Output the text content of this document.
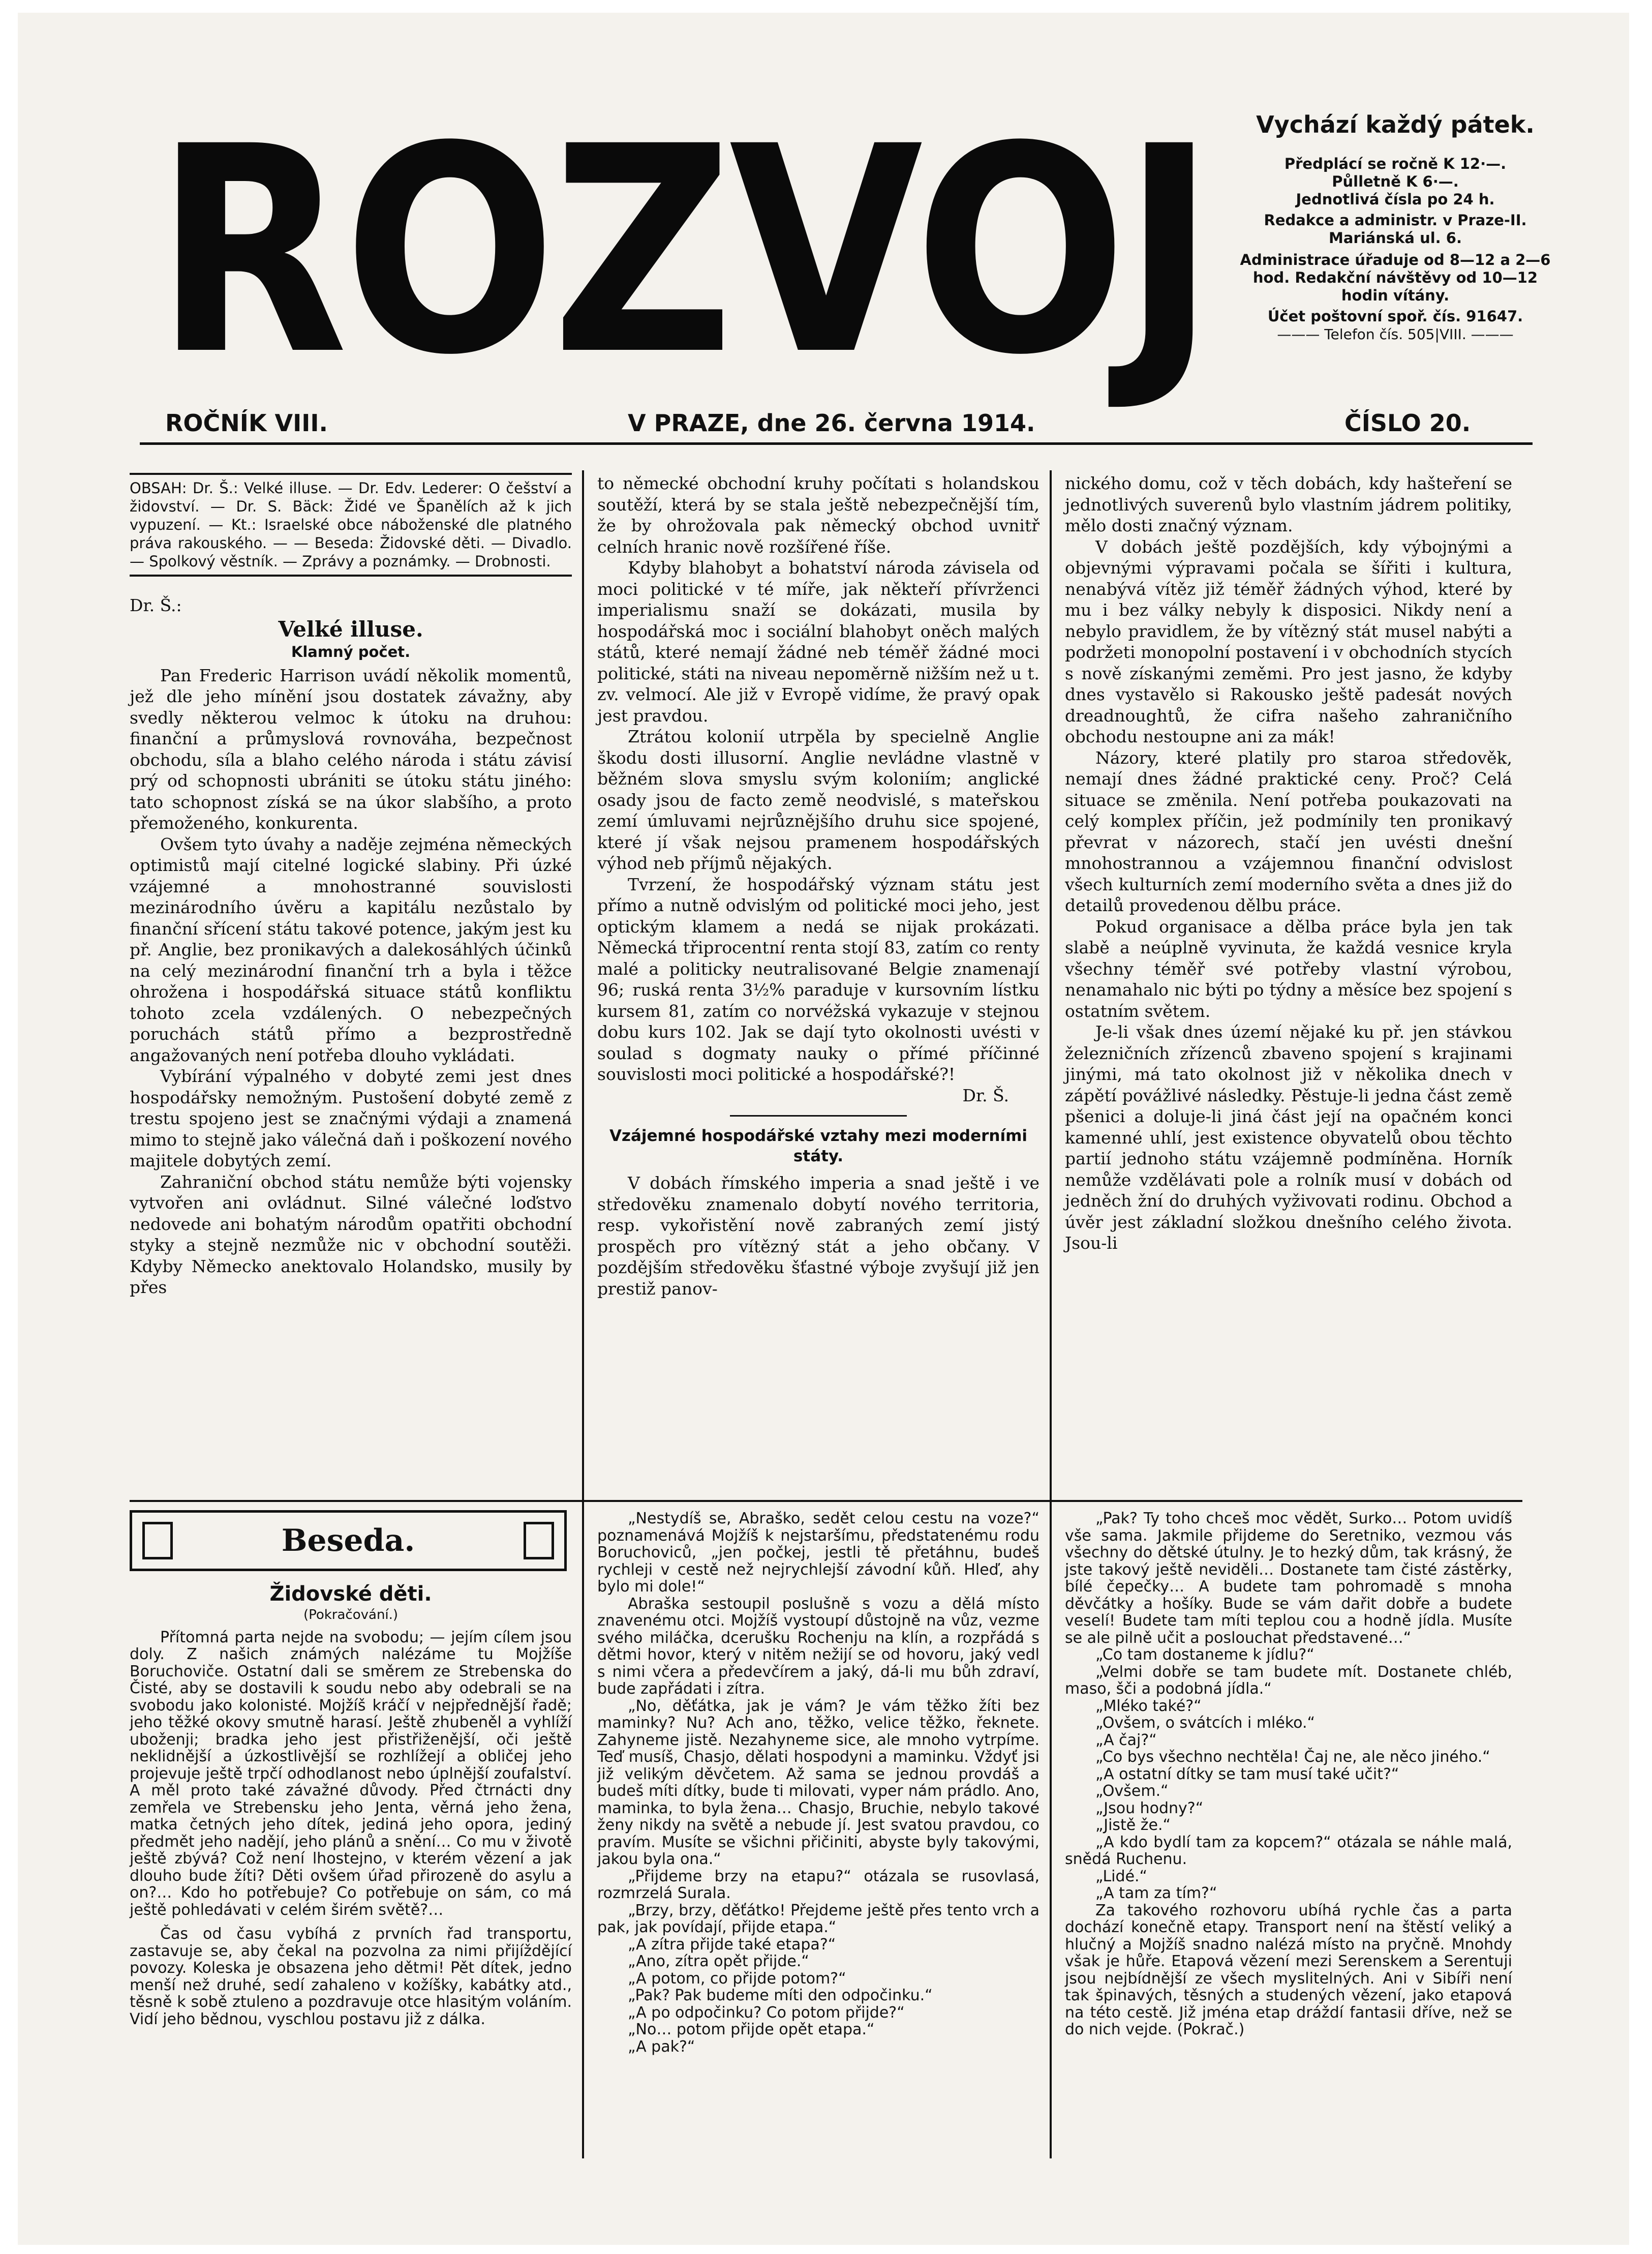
ROZVOJ	Vychází každý pátek.
Předplácí se ročně K 12·—.
Půlletně K 6·—.
Jednotlivá čísla po 24 h.
Redakce a administr. v Praze-II. Mariánská ul. 6.
Administrace úřaduje od 8—12 a 2—6 hod. Redakční návštěvy od 10—12 hodin vítány.
Účet poštovní spoř. čís. 91647.
——— Telefon čís. 505|VIII. ———
ROČNÍK VIII.	V PRAZE, dne 26. června 1914.	ČÍSLO 20.

OBSAH: Dr. Š.: Velké illuse. — Dr. Edv. Lederer: O češství a židovství. — Dr. S. Bäck: Židé ve Španělích až k jich vypuzení. — Kt.: Israelské obce náboženské dle platného práva rakouského. — — Beseda: Židovské děti. — Divadlo. — Spolkový věstník. — Zprávy a poznámky. — Drobnosti.

Dr. Š.:

Velké illuse.

Klamný počet.

Pan Frederic Harrison uvádí několik momentů, jež dle jeho mínění jsou dostatek závažny, aby svedly některou velmoc k útoku na druhou: finanční a průmyslová rovnováha, bezpečnost obchodu, síla a blaho celého národa i státu závisí prý od schopnosti ubrániti se útoku státu jiného: tato schopnost získá se na úkor slabšího, a proto přemoženého, konkurenta.

Ovšem tyto úvahy a naděje zejména německých optimistů mají citelné logické slabiny. Při úzké vzájemné a mnohostranné souvislosti mezinárodního úvěru a kapitálu nezůstalo by finanční sřícení státu takové potence, jakým jest ku př. Anglie, bez pronikavých a dalekosáhlých účinků na celý mezinárodní finanční trh a byla i těžce ohrožena i hospodářská situace států konfliktu tohoto zcela vzdálených. O nebezpečných poruchách států přímo a bezprostředně angažovaných není potřeba dlouho vykládati.

Vybírání výpalného v dobyté zemi jest dnes hospodářsky nemožným. Pustošení dobyté země z trestu spojeno jest se značnými výdaji a znamená mimo to stejně jako válečná daň i poškození nového majitele dobytých zemí.

Zahraniční obchod státu nemůže býti vojensky vytvořen ani ovládnut. Silné válečné loďstvo nedovede ani bohatým národům opatřiti obchodní styky a stejně nezmůže nic v obchodní soutěži. Kdyby Německo anektovalo Holandsko, musily by přes

to německé obchodní kruhy počítati s holandskou soutěží, která by se stala ještě nebezpečnější tím, že by ohrožovala pak německý obchod uvnitř celních hranic nově rozšířené říše.

Kdyby blahobyt a bohatství národa závisela od moci politické v té míře, jak někteří přívrženci imperialismu snaží se dokázati, musila by hospodářská moc i sociální blahobyt oněch malých států, které nemají žádné neb téměř žádné moci politické, státi na niveau nepoměrně nižším než u t. zv. velmocí. Ale již v Evropě vidíme, že pravý opak jest pravdou.

Ztrátou kolonií utrpěla by specielně Anglie škodu dosti illusorní. Anglie nevládne vlastně v běžném slova smyslu svým koloniím; anglické osady jsou de facto země neodvislé, s mateřskou zemí úmluvami nejrůznějšího druhu sice spojené, které jí však nejsou pramenem hospodářských výhod neb příjmů nějakých.

Tvrzení, že hospodářský význam státu jest přímo a nutně odvislým od politické moci jeho, jest optickým klamem a nedá se nijak prokázati. Německá třiprocentní renta stojí 83, zatím co renty malé a politicky neutralisované Belgie znamenají 96; ruská renta 3½% paraduje v kursovním lístku kursem 81, zatím co norvéžská vykazuje v stejnou dobu kurs 102. Jak se dají tyto okolnosti uvésti v soulad s dogmaty nauky o přímé příčinné souvislosti moci politické a hospodářské?!

Dr. Š.

Vzájemné hospodářské vztahy mezi moderními státy.

V dobách římského imperia a snad ještě i ve středověku znamenalo dobytí nového territoria, resp. vykořistění nově zabraných zemí jistý prospěch pro vítězný stát a jeho občany. V pozdějším středověku šťastné výboje zvyšují již jen prestiž panov-

nického domu, což v těch dobách, kdy hašteření se jednotlivých suverenů bylo vlastním jádrem politiky, mělo dosti značný význam.

V dobách ještě pozdějších, kdy výbojnými a objevnými výpravami počala se šířiti i kultura, nenabývá vítěz již téměř žádných výhod, které by mu i bez války nebyly k disposici. Nikdy není a nebylo pravidlem, že by vítězný stát musel nabýti a podržeti monopolní postavení i v obchodních stycích s nově získanými zeměmi. Pro jest jasno, že kdyby dnes vystavělo si Rakousko ještě padesát nových dreadnoughtů, že cifra našeho zahraničního obchodu nestoupne ani za mák!

Názory, které platily pro staroa středověk, nemají dnes žádné praktické ceny. Proč? Celá situace se změnila. Není potřeba poukazovati na celý komplex příčin, jež podmínily ten pronikavý převrat v názorech, stačí jen uvésti dnešní mnohostrannou a vzájemnou finanční odvislost všech kulturních zemí moderního světa a dnes již do detailů provedenou dělbu práce.

Pokud organisace a dělba práce byla jen tak slabě a neúplně vyvinuta, že každá vesnice kryla všechny téměř své potřeby vlastní výrobou, nenamahalo nic býti po týdny a měsíce bez spojení s ostatním světem.

Je-li však dnes území nějaké ku př. jen stávkou železničních zřízenců zbaveno spojení s krajinami jinými, má tato okolnost již v několika dnech v zápětí povážlivé následky. Pěstuje-li jedna část země pšenici a doluje-li jiná část její na opačném konci kamenné uhlí, jest existence obyvatelů obou těchto partií jednoho státu vzájemně podmíněna. Horník nemůže vzdělávati pole a rolník musí v dobách od jedněch žní do druhých vyživovati rodinu. Obchod a úvěr jest základní složkou dnešního celého života. Jsou-li

Beseda.

Židovské děti.

(Pokračování.)

Přítomná parta nejde na svobodu; — jejím cílem jsou doly. Z našich známých nalézáme tu Mojžíše Boruchoviče. Ostatní dali se směrem ze Strebenska do Čisté, aby se dostavili k soudu nebo aby odebrali se na svobodu jako kolonisté. Mojžíš kráčí v nejpřednější řadě; jeho těžké okovy smutně harasí. Ještě zhubeněl a vyhlíží uboženji; bradka jeho jest přistřiženější, oči ještě neklidnější a úzkostlivější se rozhlížejí a obličej jeho projevuje ještě trpčí odhodlanost nebo úplnější zoufalství. A měl proto také závažné důvody. Před čtrnácti dny zemřela ve Strebensku jeho Jenta, věrná jeho žena, matka četných jeho dítek, jediná jeho opora, jediný předmět jeho nadějí, jeho plánů a snění… Co mu v životě ještě zbývá? Což není lhostejno, v kterém vězení a jak dlouho bude žíti? Děti ovšem úřad přirozeně do asylu a on?… Kdo ho potřebuje? Co potřebuje on sám, co má ještě pohledávati v celém širém světě?…

Čas od času vybíhá z prvních řad transportu, zastavuje se, aby čekal na pozvolna za nimi přijíždějící povozy. Koleska je obsazena jeho dětmi! Pět dítek, jedno menší než druhé, sedí zahaleno v kožíšky, kabátky atd., těsně k sobě ztuleno a pozdravuje otce hlasitým voláním. Vidí jeho bědnou, vyschlou postavu již z dálka.

„Nestydíš se, Abraško, sedět celou cestu na voze?“ poznamenává Mojžíš k nejstaršímu, předstatenému rodu Boruchoviců, „jen počkej, jestli tě přetáhnu, budeš rychleji v cestě než nejrychlejší závodní kůň. Hleď, ahy bylo mi dole!“

Abraška sestoupil poslušně s vozu a dělá místo znavenému otci. Mojžíš vystoupí důstojně na vůz, vezme svého miláčka, dcerušku Rochenju na klín, a rozpřádá s dětmi hovor, který v nitěm nežijí se od hovoru, jaký vedl s nimi včera a předevčírem a jaký, dá-li mu bůh zdraví, bude zapřádati i zítra.

„No, děťátka, jak je vám? Je vám těžko žíti bez maminky? Nu? Ach ano, těžko, velice těžko, řeknete. Zahyneme jistě. Nezahyneme sice, ale mnoho vytrpíme. Teď musíš, Chasjo, dělati hospodyni a maminku. Vždyť jsi již velikým děvčetem. Až sama se jednou provdáš a budeš míti dítky, bude ti milovati, vyper nám prádlo. Ano, maminka, to byla žena… Chasjo, Bruchie, nebylo takové ženy nikdy na světě a nebude jí. Jest svatou pravdou, co pravím. Musíte se všichni přičiniti, abyste byly takovými, jakou byla ona.“

„Přijdeme brzy na etapu?“ otázala se rusovlasá, rozmrzelá Surala.

„Brzy, brzy, děťátko! Přejdeme ještě přes tento vrch a pak, jak povídají, přijde etapa.“

„A zítra přijde také etapa?“

„Ano, zítra opět přijde.“

„A potom, co přijde potom?“

„Pak? Pak budeme míti den odpočinku.“

„A po odpočinku? Co potom přijde?“

„No… potom přijde opět etapa.“

„A pak?“

„Pak? Ty toho chceš moc vědět, Surko… Potom uvidíš vše sama. Jakmile přijdeme do Seretniko, vezmou vás všechny do dětské útulny. Je to hezký dům, tak krásný, že jste takový ještě neviděli… Dostanete tam čisté zástěrky, bílé čepečky… A budete tam pohromadě s mnoha děvčátky a hošíky. Bude se vám dařit dobře a budete veselí! Budete tam míti teplou cou a hodně jídla. Musíte se ale pilně učit a poslouchat představené…“

„Co tam dostaneme k jídlu?“

„Velmi dobře se tam budete mít. Dostanete chléb, maso, šči a podobná jídla.“

„Mléko také?“

„Ovšem, o svátcích i mléko.“

„A čaj?“

„Co bys všechno nechtěla! Čaj ne, ale něco jiného.“

„A ostatní dítky se tam musí také učit?“

„Ovšem.“

„Jsou hodny?“

„Jistě že.“

„A kdo bydlí tam za kopcem?“ otázala se náhle malá, snědá Ruchenu.

„Lidé.“

„A tam za tím?“

Za takového rozhovoru ubíhá rychle čas a parta dochází konečně etapy. Transport není na štěstí veliký a hlučný a Mojžíš snadno nalézá místo na pryčně. Mnohdy však je hůře. Etapová vězení mezi Serenskem a Serentuji jsou nejbídnější ze všech myslitelných. Ani v Sibíři není tak špinavých, těsných a studených vězení, jako etapová na této cestě. Již jména etap dráždí fantasii dříve, než se do nich vejde. (Pokrač.)
